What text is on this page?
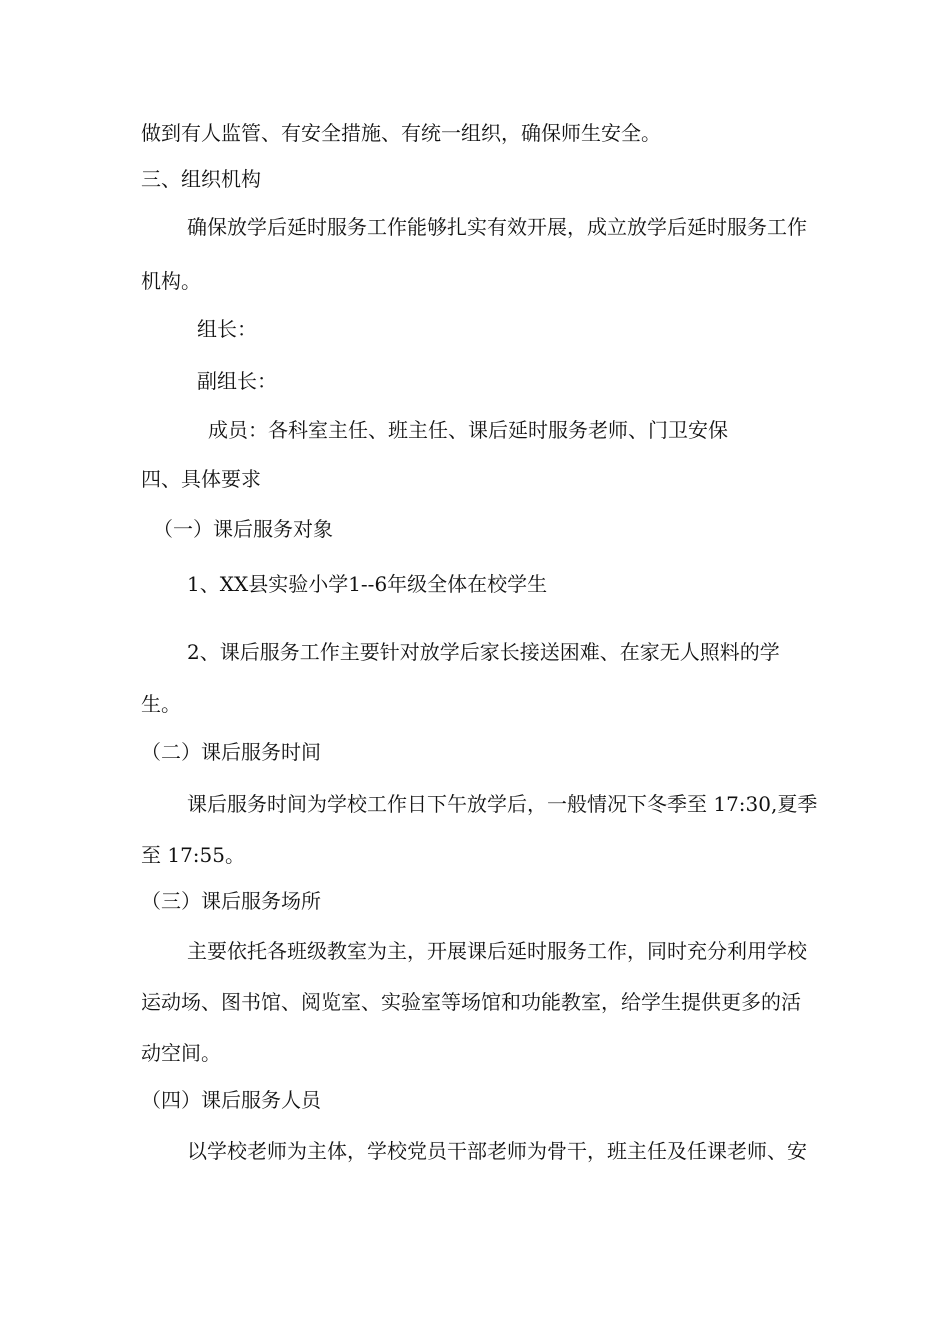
做到有人监管、有安全措施、有统一组织，确保师生安全。
三、组织机构
确保放学后延时服务工作能够扎实有效开展，成立放学后延时服务工作
机构。
组长：
副组长：
成员：各科室主任、班主任、课后延时服务老师、门卫安保
四、具体要求
（一）课后服务对象
1、XX县实验小学1--6年级全体在校学生
2、课后服务工作主要针对放学后家长接送困难、在家无人照料的学
生。
（二）课后服务时间
课后服务时间为学校工作日下午放学后，一般情况下冬季至 17:30,夏季
至 17:55。
（三）课后服务场所
主要依托各班级教室为主，开展课后延时服务工作，同时充分利用学校
运动场、图书馆、阅览室、实验室等场馆和功能教室，给学生提供更多的活
动空间。
（四）课后服务人员
以学校老师为主体，学校党员干部老师为骨干，班主任及任课老师、安
